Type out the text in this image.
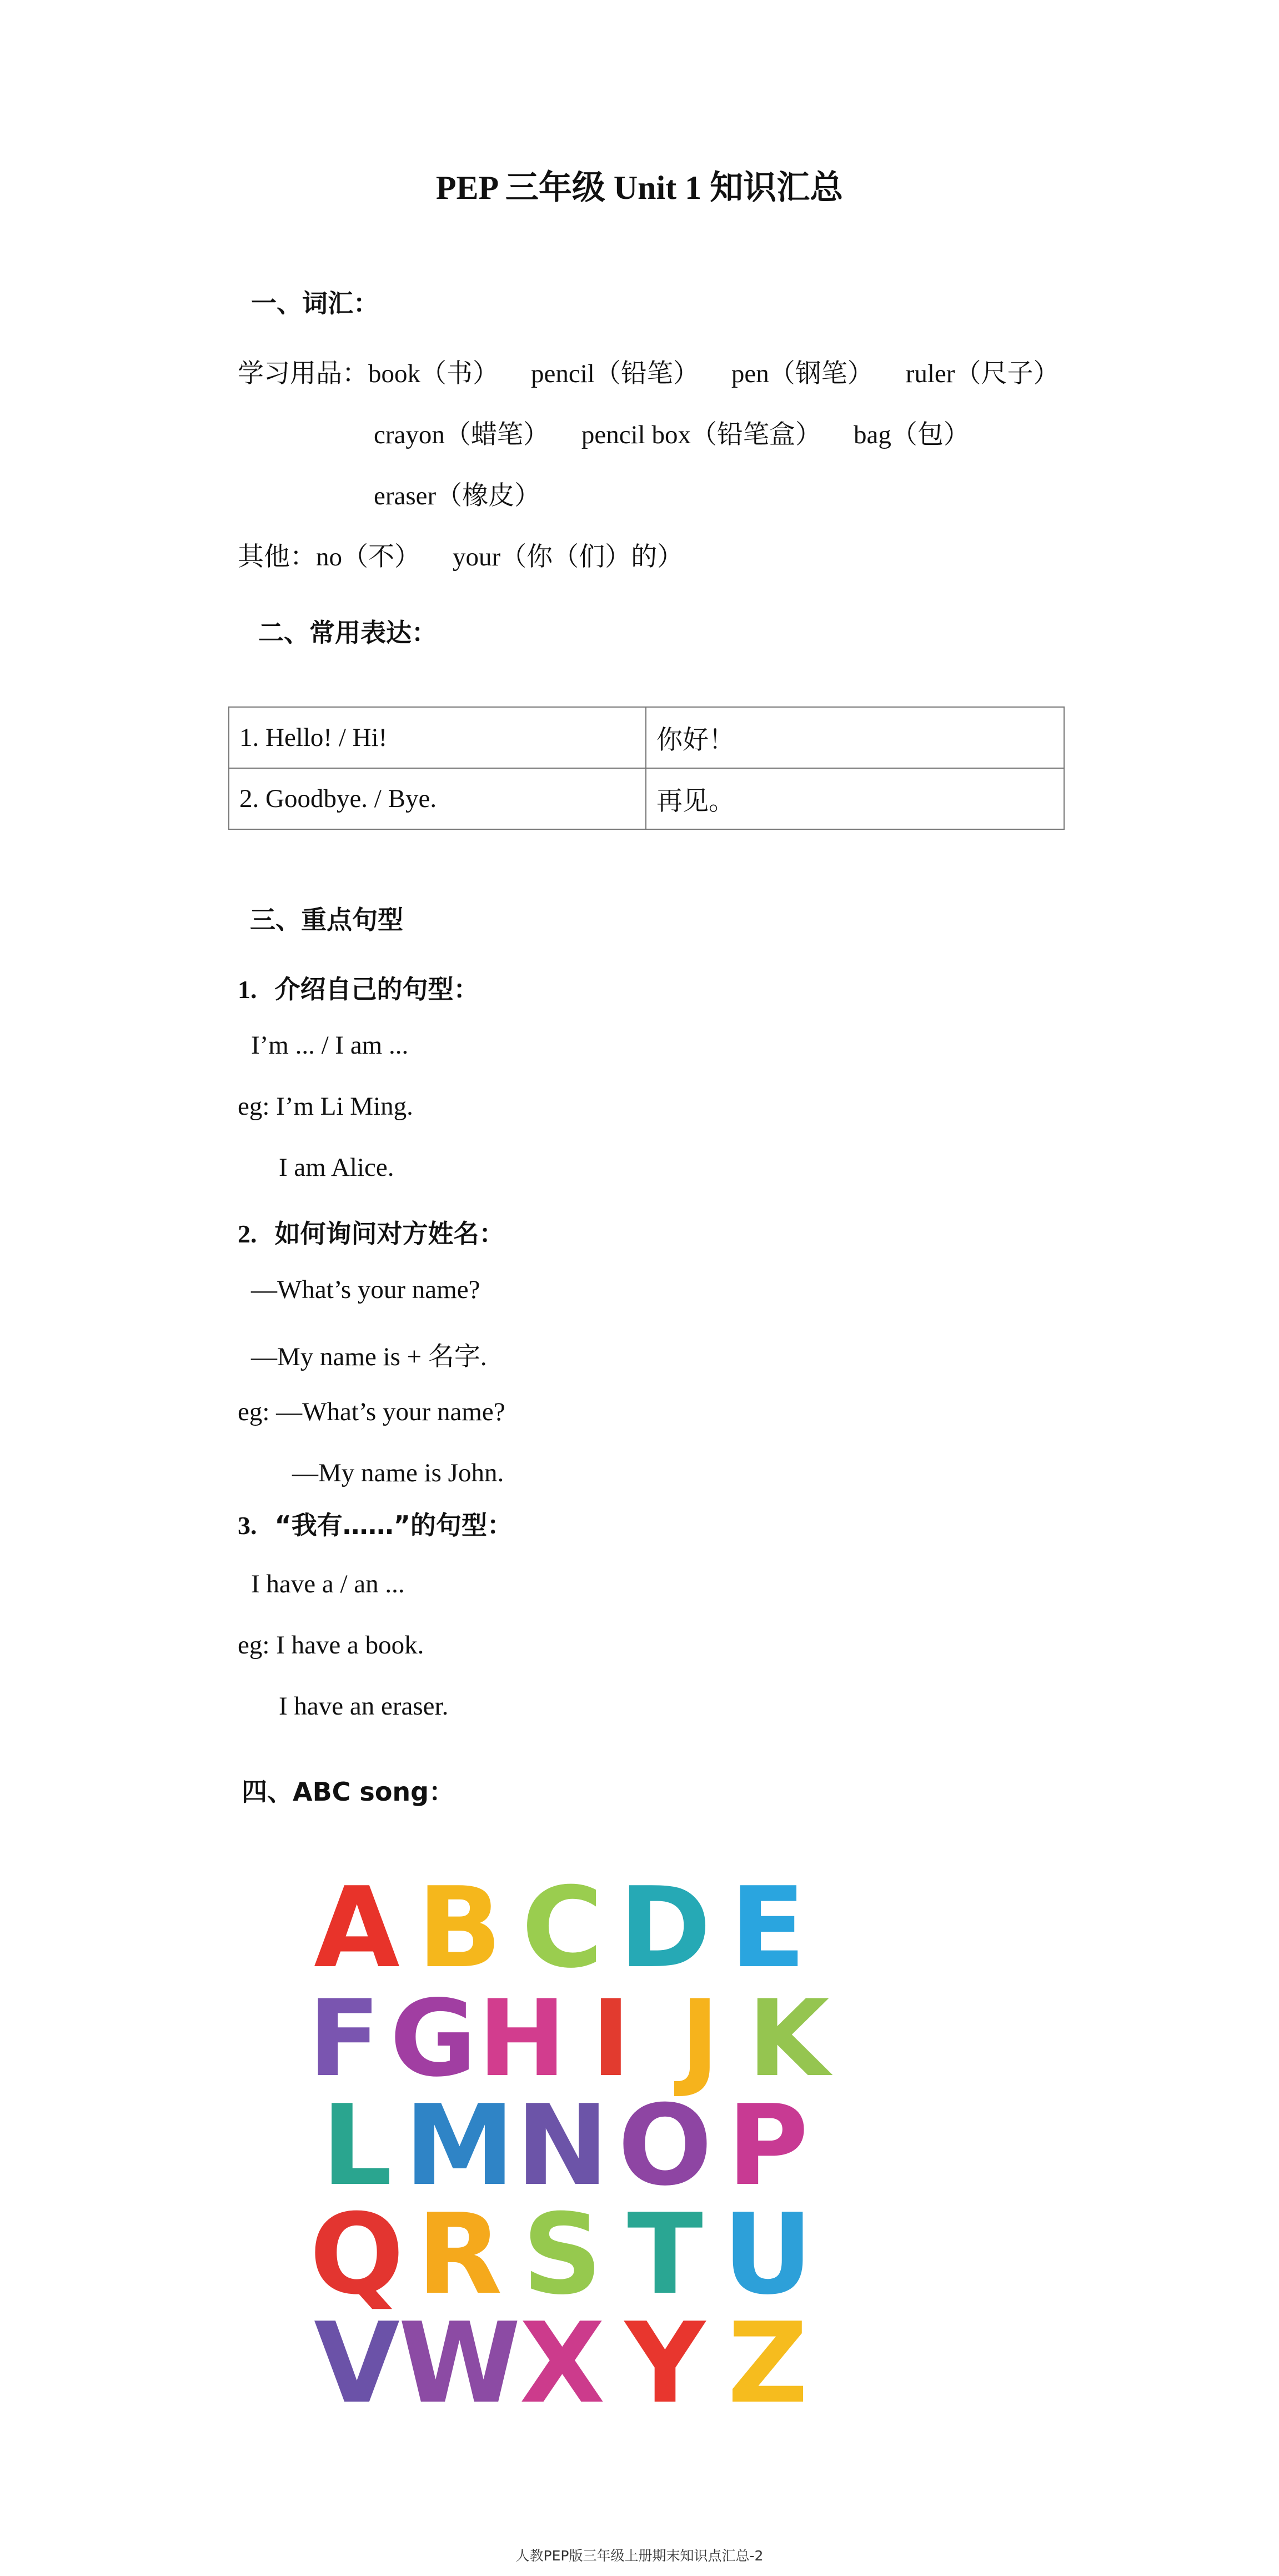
PEP 三年级 Unit 1 知识汇总
一、词汇：
学习用品：book（书） pencil（铅笔） pen（钢笔） ruler（尺子）
crayon（蜡笔） pencil box（铅笔盒） bag（包）
eraser（橡皮）
其他：no（不） your（你（们）的）
二、常用表达：
1. Hello! / Hi!	你好！
2. Goodbye. / Bye.	再见。
三、重点句型
1. 介绍自己的句型：
I’m ... / I am ...
eg: I’m Li Ming.
I am Alice.
2. 如何询问对方姓名：
—What’s your name?
—My name is + 名字.
eg: —What’s your name?
—My name is John.
3. “我有……”的句型：
I have a / an ...
eg: I have a book.
I have an eraser.
四、ABC song：
A B C D E
F G H I J K
L M N O P
Q R S T U
V
W
X Y Z
人教PEP版三年级上册期末知识点汇总-2
